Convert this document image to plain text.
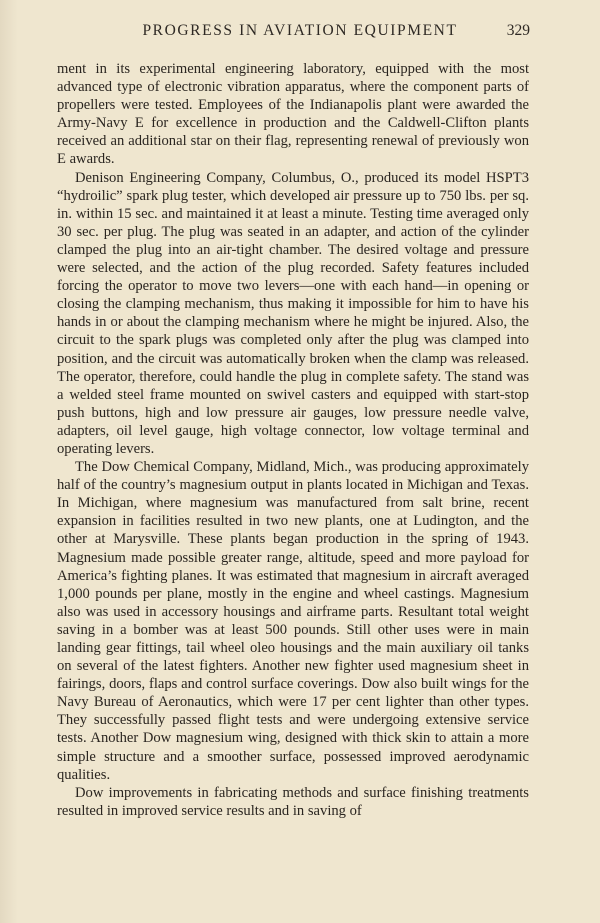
PROGRESS IN AVIATION EQUIPMENT	329

ment in its experimental engineering laboratory, equipped with the most advanced type of electronic vibration apparatus, where the component parts of propellers were tested. Employees of the Indianapolis plant were awarded the Army-Navy E for excellence in production and the Caldwell-Clifton plants received an additional star on their flag, representing renewal of previously won E awards.

Denison Engineering Company, Columbus, O., produced its model HSPT3 “hydroilic” spark plug tester, which developed air pressure up to 750 lbs. per sq. in. within 15 sec. and maintained it at least a minute. Testing time averaged only 30 sec. per plug. The plug was seated in an adapter, and action of the cylinder clamped the plug into an air-tight chamber. The desired voltage and pressure were selected, and the action of the plug recorded. Safety features included forcing the operator to move two levers—one with each hand—in opening or closing the clamping mechanism, thus making it impossible for him to have his hands in or about the clamping mechanism where he might be injured. Also, the circuit to the spark plugs was completed only after the plug was clamped into position, and the circuit was automatically broken when the clamp was released. The operator, therefore, could handle the plug in complete safety. The stand was a welded steel frame mounted on swivel casters and equipped with start-stop push buttons, high and low pressure air gauges, low pressure needle valve, adapters, oil level gauge, high voltage connector, low voltage terminal and operating levers.

The Dow Chemical Company, Midland, Mich., was producing approximately half of the country’s magnesium output in plants located in Michigan and Texas. In Michigan, where magnesium was manufactured from salt brine, recent expansion in facilities resulted in two new plants, one at Ludington, and the other at Marysville. These plants began production in the spring of 1943. Magnesium made possible greater range, altitude, speed and more payload for America’s fighting planes. It was estimated that magnesium in aircraft averaged 1,000 pounds per plane, mostly in the engine and wheel castings. Magnesium also was used in accessory housings and airframe parts. Resultant total weight saving in a bomber was at least 500 pounds. Still other uses were in main landing gear fittings, tail wheel oleo housings and the main auxiliary oil tanks on several of the latest fighters. Another new fighter used magnesium sheet in fairings, doors, flaps and control surface coverings. Dow also built wings for the Navy Bureau of Aeronautics, which were 17 per cent lighter than other types. They successfully passed flight tests and were undergoing extensive service tests. Another Dow magnesium wing, designed with thick skin to attain a more simple structure and a smoother surface, possessed improved aerodynamic qualities.

Dow improvements in fabricating methods and surface finishing treatments resulted in improved service results and in saving of
